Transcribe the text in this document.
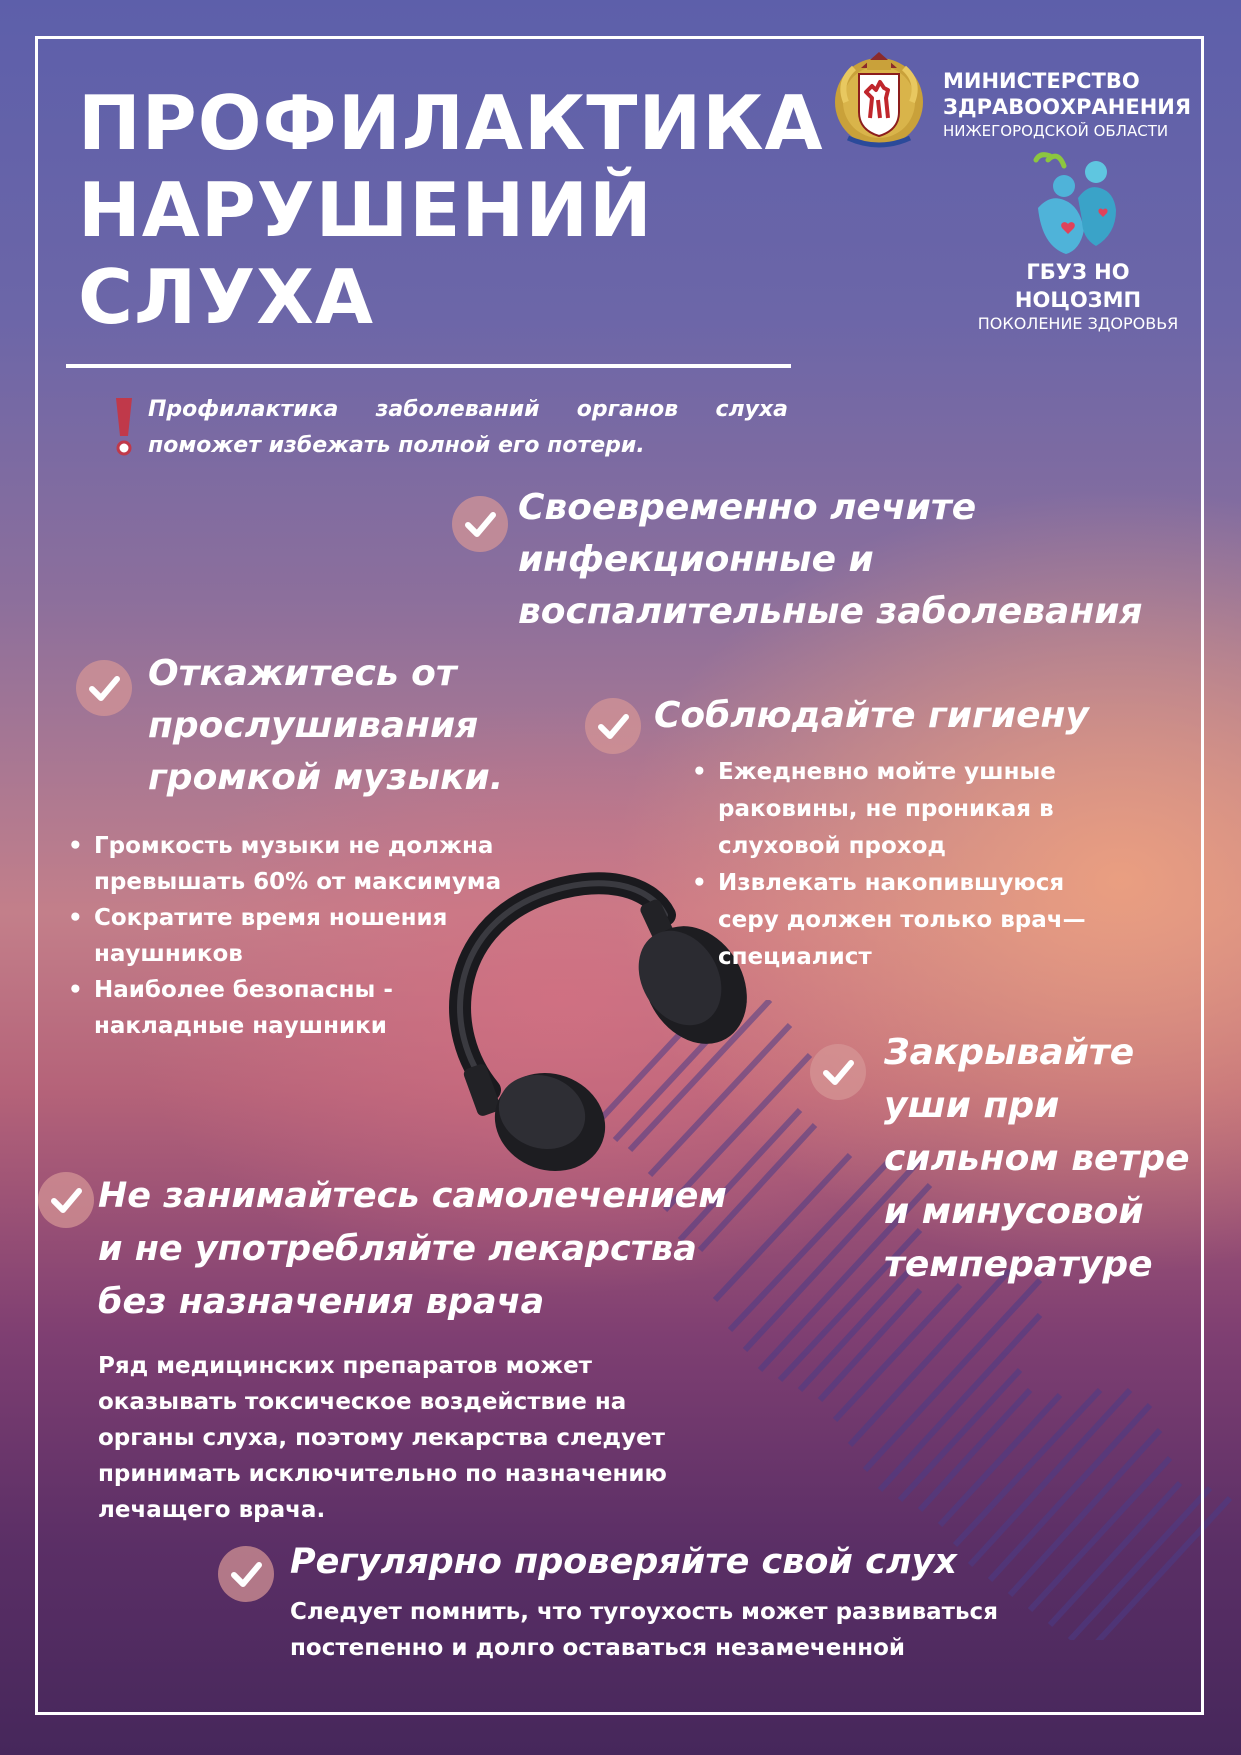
ПРОФИЛАКТИКА
НАРУШЕНИЙ
СЛУХА
МИНИСТЕРСТВО
ЗДРАВООХРАНЕНИЯ
НИЖЕГОРОДСКОЙ ОБЛАСТИ
ГБУЗ НО НОЦОЗМП
ПОКОЛЕНИЕ ЗДОРОВЬЯ

Профилактика заболеваний органов слуха поможет избежать полной его потери.

Своевременно лечите
инфекционные и
воспалительные заболевания
Откажитесь от
прослушивания
громкой музыки.
• Громкость музыки не должна превышать 60% от максимума
• Сократите время ношения наушников
• Наиболее безопасны - накладные наушники
Соблюдайте гигиену
• Ежедневно мойте ушные раковины, не проникая в слуховой проход
• Извлекать накопившуюся серу должен только врач— специалист
Закрывайте
уши при
сильном ветре
и минусовой
температуре
Не занимайтесь самолечением
и не употребляйте лекарства
без назначения врача

Ряд медицинских препаратов может оказывать токсическое воздействие на органы слуха, поэтому лекарства следует принимать исключительно по назначению лечащего врача.

Регулярно проверяйте свой слух

Следует помнить, что тугоухость может развиваться постепенно и долго оставаться незамеченной
